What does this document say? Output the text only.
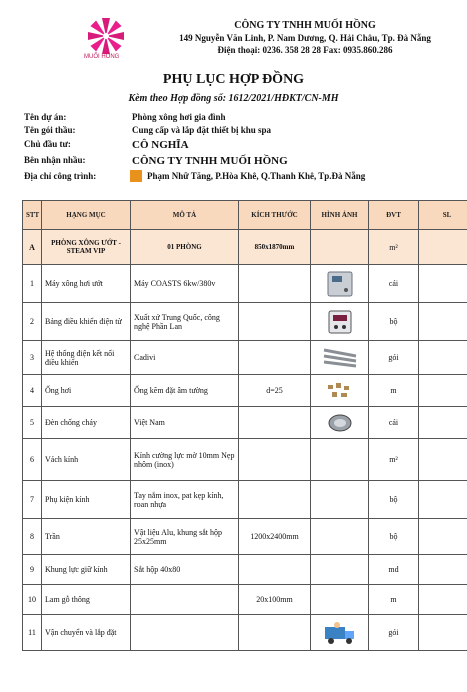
MUỐI HỒNG
CÔNG TY TNHH MUỐI HỒNG
149 Nguyễn Văn Linh, P. Nam Dương, Q. Hải Châu, Tp. Đà Nẵng
Điện thoại: 0236. 358 28 28 Fax: 0935.860.286
PHỤ LỤC HỢP ĐỒNG
Kèm theo Hợp đồng số: 1612/2021/HĐKT/CN-MH
Tên dự án:	Phòng xông hơi gia đình
Tên gói thầu:	Cung cấp và lắp đặt thiết bị khu spa
Chủ đầu tư:	CÔ NGHĨA
Bên nhận nhầu:	CÔNG TY TNHH MUỐI HỒNG
Địa chỉ công trình:	Phạm Nhữ Tăng, P.Hòa Khê, Q.Thanh Khê, Tp.Đà Nẵng
STT	HẠNG MỤC	MÔ TẢ	KÍCH THƯỚC	HÌNH ẢNH	ĐVT	SL
A	PHÒNG XÔNG ƯỚT - STEAM VIP	01 PHÒNG	850x1870mm		m²	
1	Máy xông hơi ướt	Máy COASTS 6kw/380v			cái	
2	Bảng điều khiển điện tử	Xuất xứ Trung Quốc, công nghệ Phần Lan			bộ	
3	Hệ thống điện kết nối điều khiển	Cadivi			gói	
4	Ống hơi	Ống kẽm đặt âm tường	d=25		m	
5	Đèn chống cháy	Việt Nam			cái	
6	Vách kính	Kính cường lực mờ 10mm Nẹp nhôm (inox)			m²	
7	Phụ kiện kính	Tay nắm inox, pat kẹp kính, roan nhựa			bộ	
8	Trần	Vật liệu Alu, khung sắt hộp 25x25mm	1200x2400mm		bộ	
9	Khung lực giữ kính	Sắt hộp 40x80			md	
10	Lam gỗ thông		20x100mm		m	
11	Vận chuyển và lắp đặt				gói	
